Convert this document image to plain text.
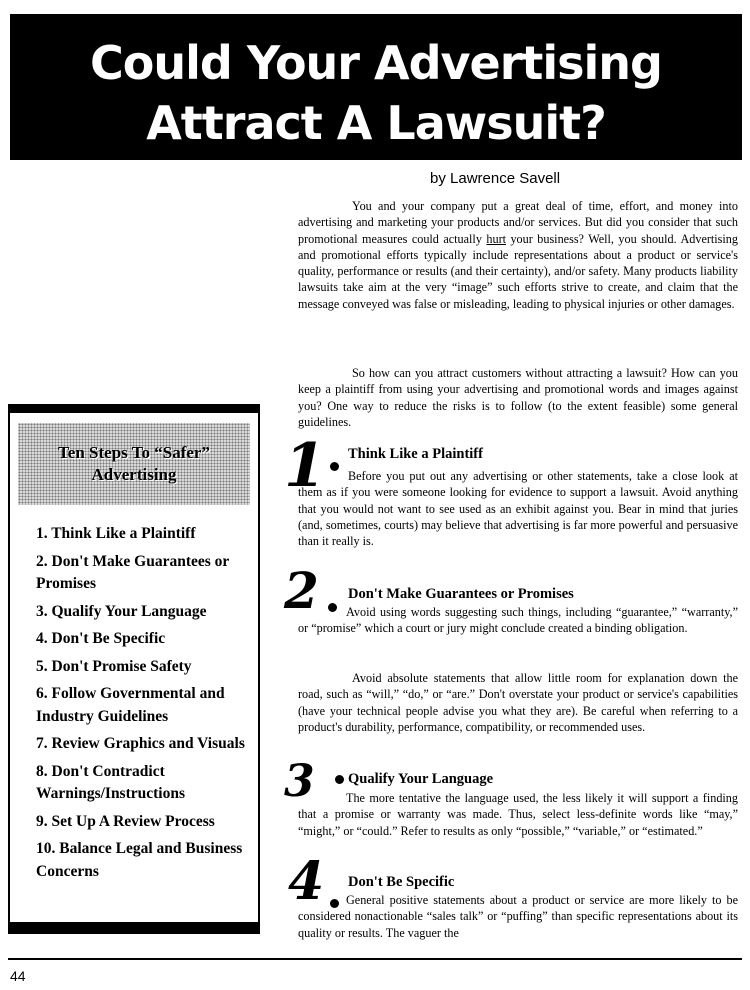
Could Your Advertising
Attract A Lawsuit?
by Lawrence Savell
You and your company put a great deal of time, effort, and money into advertising and marketing your products and/or services. But did you consider that such promotional measures could actually hurt your business? Well, you should. Advertising and promotional efforts typically include representations about a product or service's quality, performance or results (and their certainty), and/or safety. Many products liability lawsuits take aim at the very “image” such efforts strive to create, and claim that the message conveyed was false or misleading, leading to physical injuries or other damages.
So how can you attract customers without attracting a lawsuit? How can you keep a plaintiff from using your advertising and promotional words and images against you? One way to reduce the risks is to follow (to the extent feasible) some general guidelines.
Ten Steps To “Safer”
Advertising
1. Think Like a Plaintiff
2. Don't Make Guarantees or Promises
3. Qualify Your Language
4. Don't Be Specific
5. Don't Promise Safety
6. Follow Governmental and Industry Guidelines
7. Review Graphics and Visuals
8. Don't Contradict Warnings/Instructions
9. Set Up A Review Process
10. Balance Legal and Business Concerns
1 Think Like a Plaintiff
Before you put out any advertising or other statements, take a close look at them as if you were someone looking for evidence to support a lawsuit. Avoid anything that you would not want to see used as an exhibit against you. Bear in mind that juries (and, sometimes, courts) may believe that advertising is far more powerful and persuasive than it really is.
2 Don't Make Guarantees or Promises
Avoid using words suggesting such things, including “guarantee,” “warranty,” or “promise” which a court or jury might conclude created a binding obligation.
Avoid absolute statements that allow little room for explanation down the road, such as “will,” “do,” or “are.” Don't overstate your product or service's capabilities (have your technical people advise you what they are). Be careful when referring to a product's durability, performance, compatibility, or recommended uses.
3 Qualify Your Language
The more tentative the language used, the less likely it will support a finding that a promise or warranty was made. Thus, select less-definite words like “may,” “might,” or “could.” Refer to results as only “possible,” “variable,” or “estimated.”
4 Don't Be Specific
General positive statements about a product or service are more likely to be considered nonactionable “sales talk” or “puffing” than specific representations about its quality or results. The vaguer the
44
